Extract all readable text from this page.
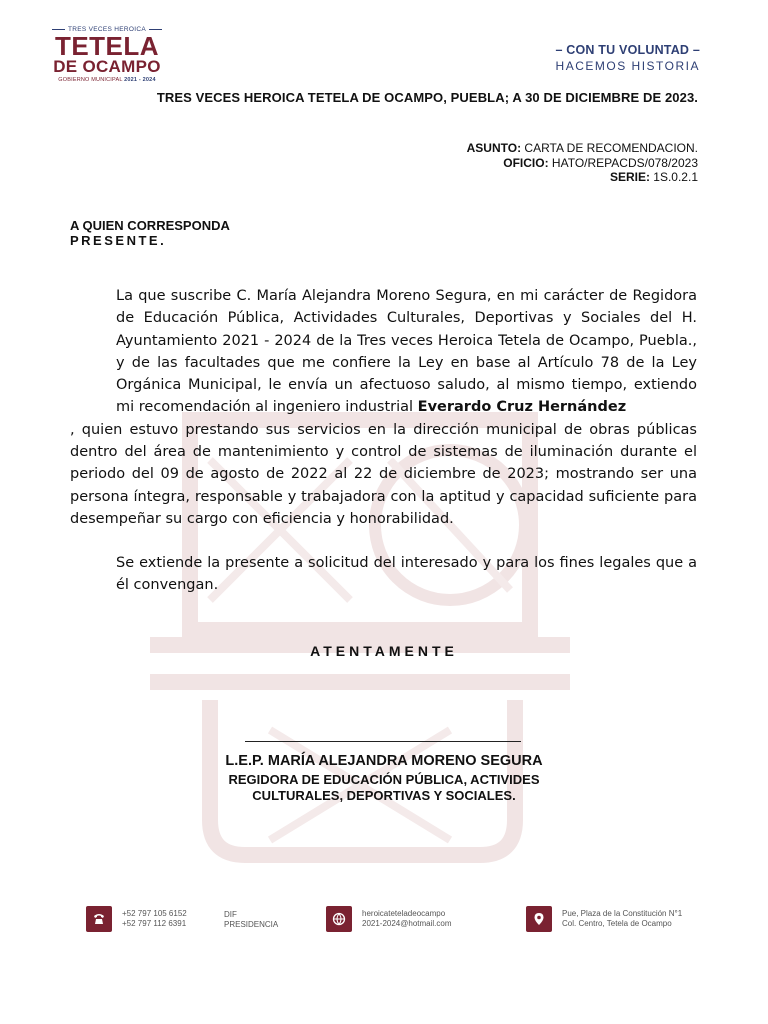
TRES VECES HEROICA
TETELA
DE OCAMPO
GOBIERNO MUNICIPAL 2021 - 2024
– CON TU VOLUNTAD –
HACEMOS HISTORIA
TRES VECES HEROICA TETELA DE OCAMPO, PUEBLA; A 30 DE DICIEMBRE DE 2023.
ASUNTO: CARTA DE RECOMENDACION.
OFICIO: HATO/REPACDS/078/2023
SERIE: 1S.0.2.1
A QUIEN CORRESPONDA
PRESENTE.
La que suscribe C. María Alejandra Moreno Segura, en mi carácter de Regidora de Educación Pública, Actividades Culturales, Deportivas y Sociales del H. Ayuntamiento 2021 - 2024 de la Tres veces Heroica Tetela de Ocampo, Puebla., y de las facultades que me confiere la Ley en base al Artículo 78 de la Ley Orgánica Municipal, le envía un afectuoso saludo, al mismo tiempo, extiendo mi recomendación al ingeniero industrial Everardo Cruz Hernández
, quien estuvo prestando sus servicios en la dirección municipal de obras públicas dentro del área de mantenimiento y control de sistemas de iluminación durante el periodo del 09 de agosto de 2022 al 22 de diciembre de 2023; mostrando ser una persona íntegra, responsable y trabajadora con la aptitud y capacidad suficiente para desempeñar su cargo con eficiencia y honorabilidad.
Se extiende la presente a solicitud del interesado y para los fines legales que a él convengan.
ATENTAMENTE
L.E.P. MARÍA ALEJANDRA MORENO SEGURA
REGIDORA DE EDUCACIÓN PÚBLICA, ACTIVIDES
CULTURALES, DEPORTIVAS Y SOCIALES.
+52 797 105 6152
+52 797 112 6391
DIF
PRESIDENCIA
heroicateteladeocampo
2021-2024@hotmail.com
Pue, Plaza de la Constitución N°1
Col. Centro, Tetela de Ocampo
